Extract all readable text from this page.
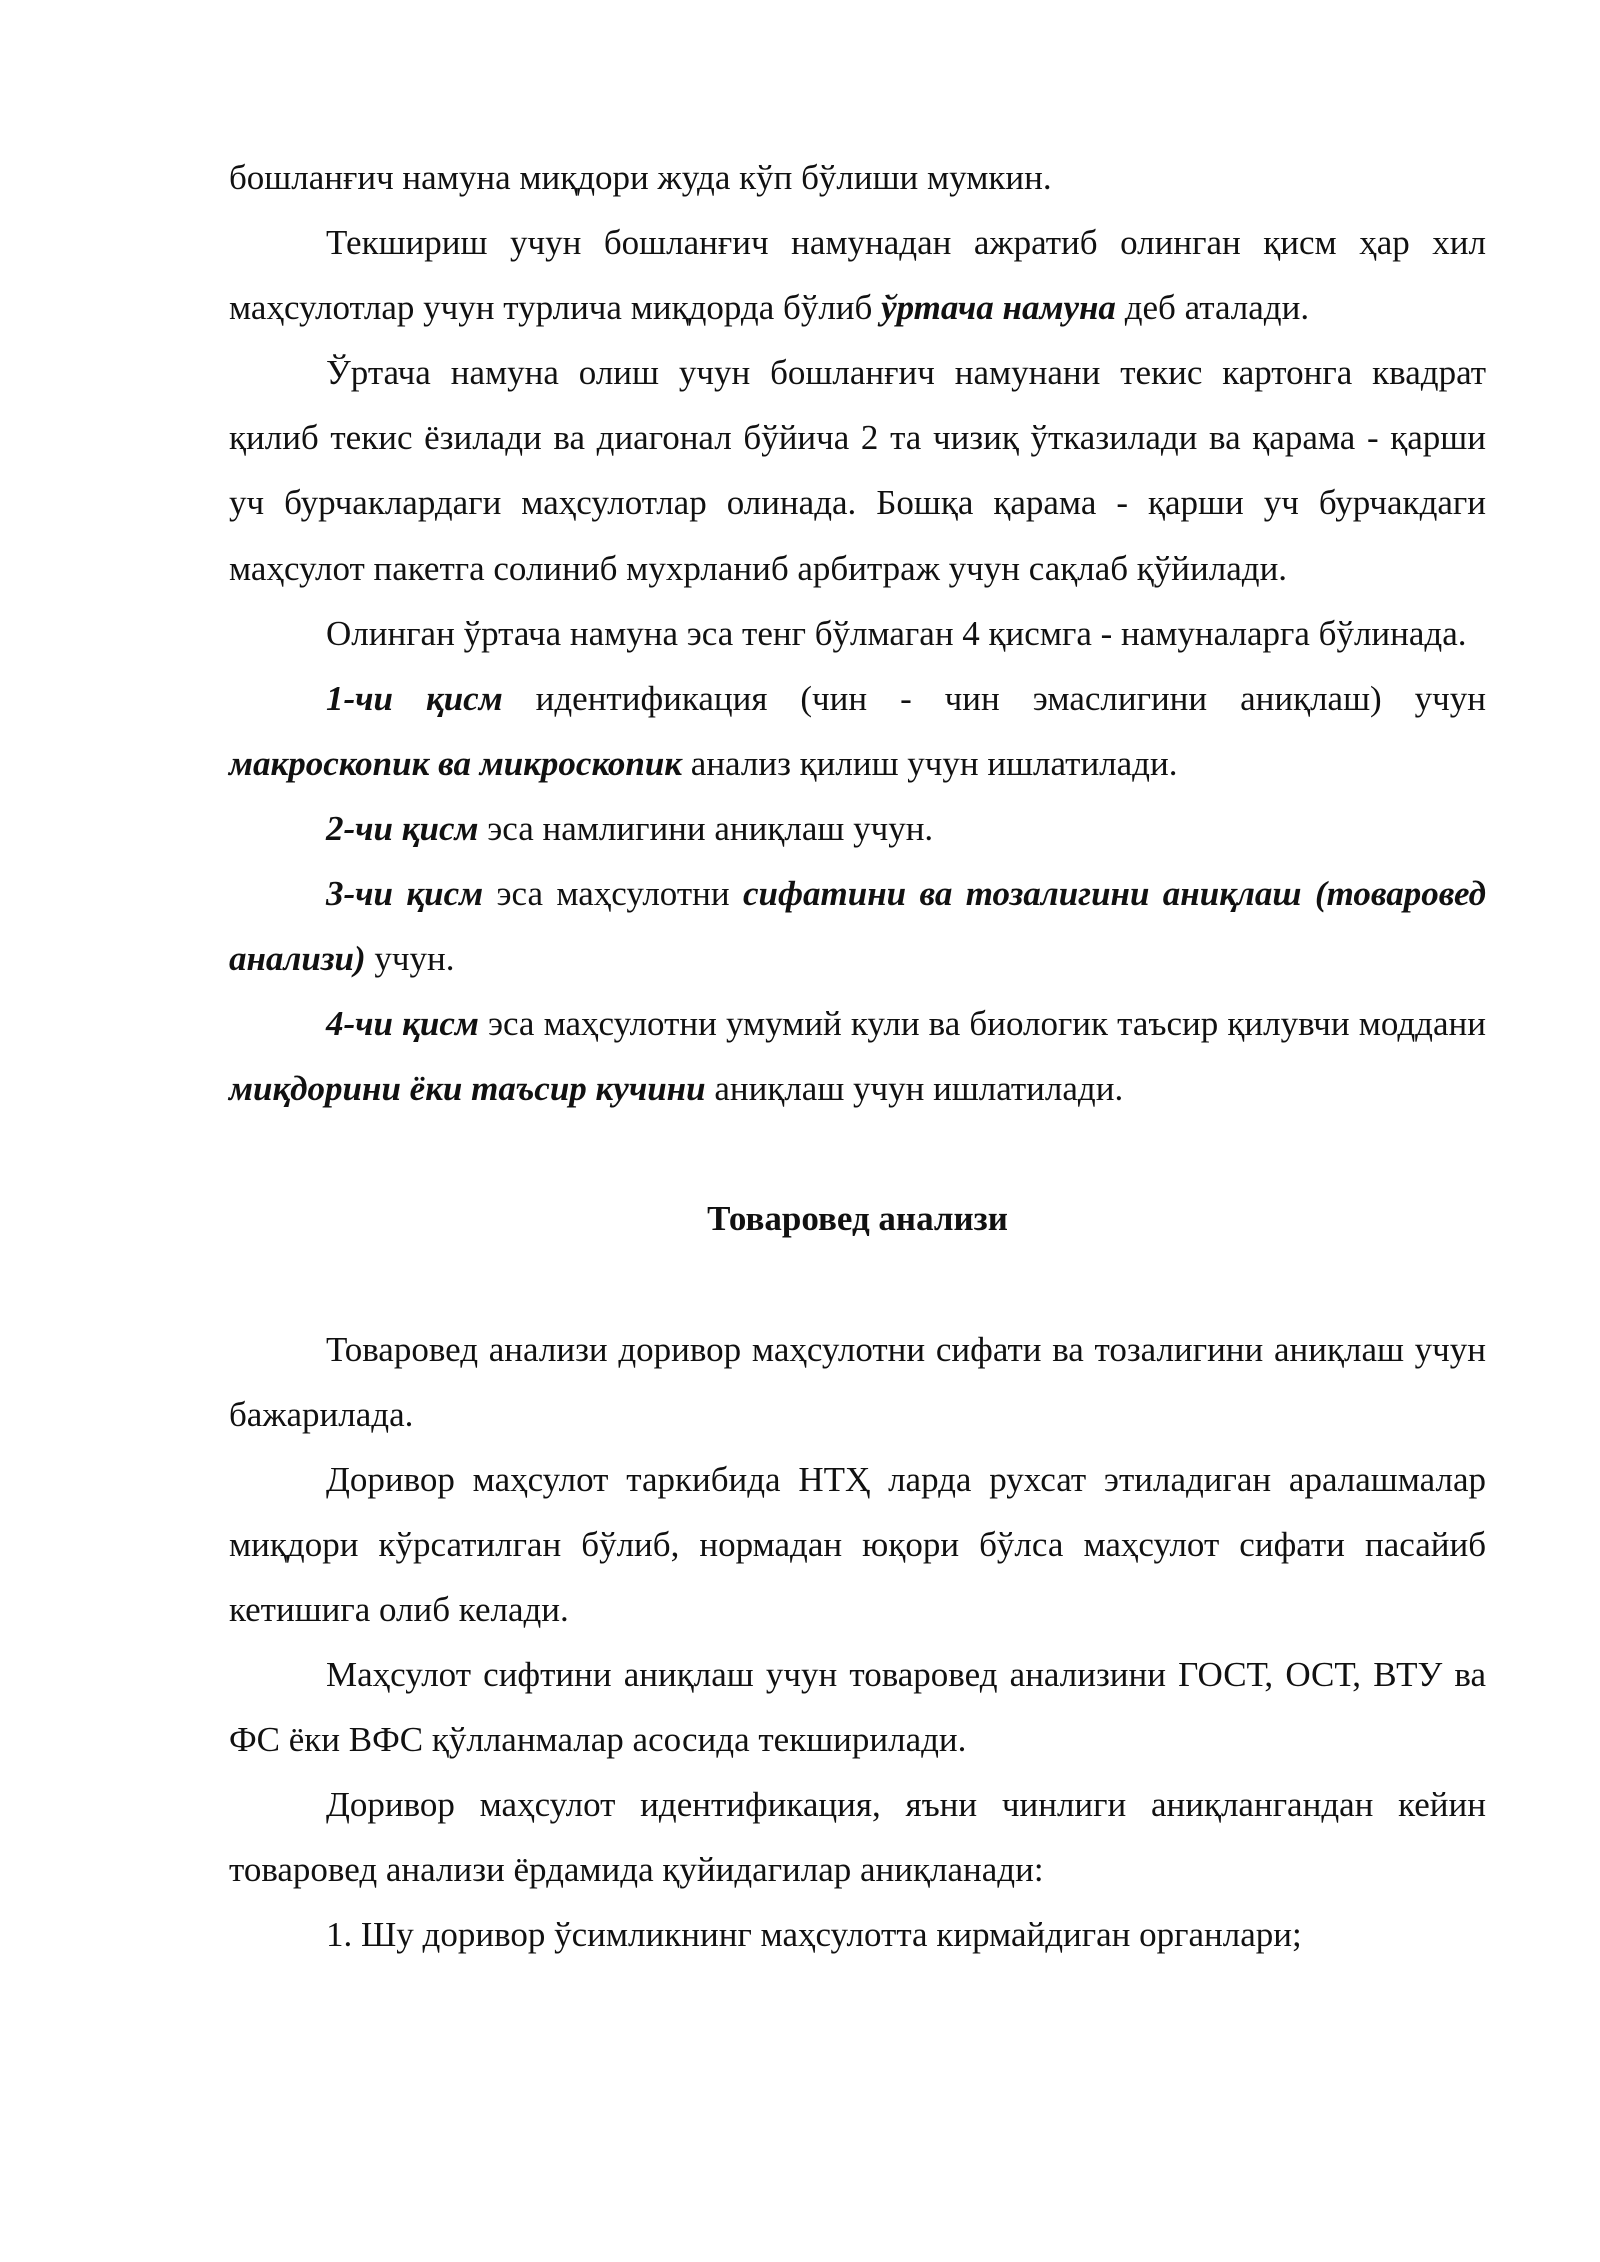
бошланғич намуна миқдори жуда кўп бўлиши мумкин.

Текшириш учун бошланғич намунадан ажратиб олинган қисм ҳар хил маҳсулотлар учун турлича миқдорда бўлиб ўртача намуна деб аталади.

Ўртача намуна олиш учун бошланғич намунани текис картонга квадрат қилиб текис ёзилади ва диагонал бўйича 2 та чизиқ ўтказилади ва қарама - қарши уч бурчаклардаги маҳсулотлар олинада. Бошқа қарама - қарши уч бурчакдаги маҳсулот пакетга солиниб мухрланиб арбитраж учун сақлаб қўйилади.

Олинган ўртача намуна эса тенг бўлмаган 4 қисмга - намуналарга бўлинада.

1-чи қисм идентификация (чин - чин эмаслигини аниқлаш) учун макроскопик ва микроскопик анализ қилиш учун ишлатилади.

2-чи қисм эса намлигини аниқлаш учун.

3-чи қисм эса маҳсулотни сифатини ва тозалигини аниқлаш (товаровед анализи) учун.

4-чи қисм эса маҳсулотни умумий кули ва биологик таъсир қилувчи моддани миқдорини ёки таъсир кучини аниқлаш учун ишлатилади.

Товаровед анализи

Товаровед анализи доривор маҳсулотни сифати ва тозалигини аниқлаш учун бажарилада.

Доривор маҳсулот таркибида НТҲ ларда рухсат этиладиган аралашмалар миқдори кўрсатилган бўлиб, нормадан юқори бўлса маҳсулот сифати пасайиб кетишига олиб келади.

Маҳсулот сифтини аниқлаш учун товаровед анализини ГОСТ, ОСТ, ВТУ ва ФС ёки ВФС қўлланмалар асосида текширилади.

Доривор маҳсулот идентификация, яъни чинлиги аниқлангандан кейин товаровед анализи ёрдамида қуйидагилар аниқланади:

1. Шу доривор ўсимликнинг маҳсулотта кирмайдиган органлари;
